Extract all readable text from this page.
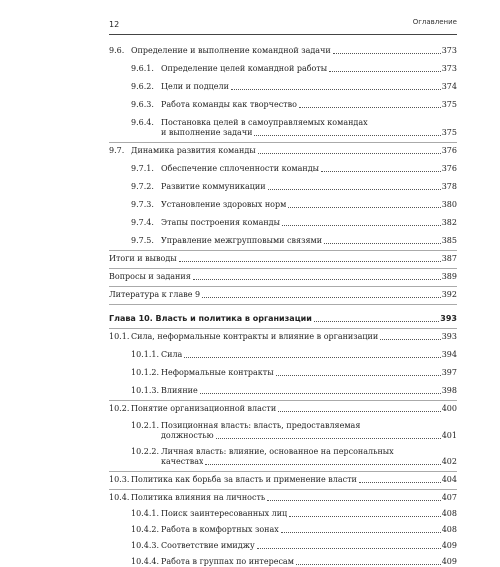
12	Оглавление
9.6. Определение и выполнение командной задачи	373
9.6.1. Определение целей командной работы	373
9.6.2. Цели и подцели	374
9.6.3. Работа команды как творчество	375
9.6.4. Постановка целей в самоуправляемых командах
и выполнение задачи	375
9.7. Динамика развития команды	376
9.7.1. Обеспечение сплоченности команды	376
9.7.2. Развитие коммуникации	378
9.7.3. Установление здоровых норм	380
9.7.4. Этапы построения команды	382
9.7.5. Управление межгрупповыми связями	385
Итоги и выводы	387
Вопросы и задания	389
Литература к главе 9	392
Глава 10. Власть и политика в организации	393
10.1. Сила, неформальные контракты и влияние в организации	393
10.1.1. Сила	394
10.1.2. Неформальные контракты	397
10.1.3. Влияние	398
10.2. Понятие организационной власти	400
10.2.1. Позиционная власть: власть, предоставляемая
должностью	401
10.2.2. Личная власть: влияние, основанное на персональных
качествах	402
10.3. Политика как борьба за власть и применение власти	404
10.4. Политика влияния на личность	407
10.4.1. Поиск заинтересованных лиц	408
10.4.2. Работа в комфортных зонах	408
10.4.3. Соответствие имиджу	409
10.4.4. Работа в группах по интересам	409
